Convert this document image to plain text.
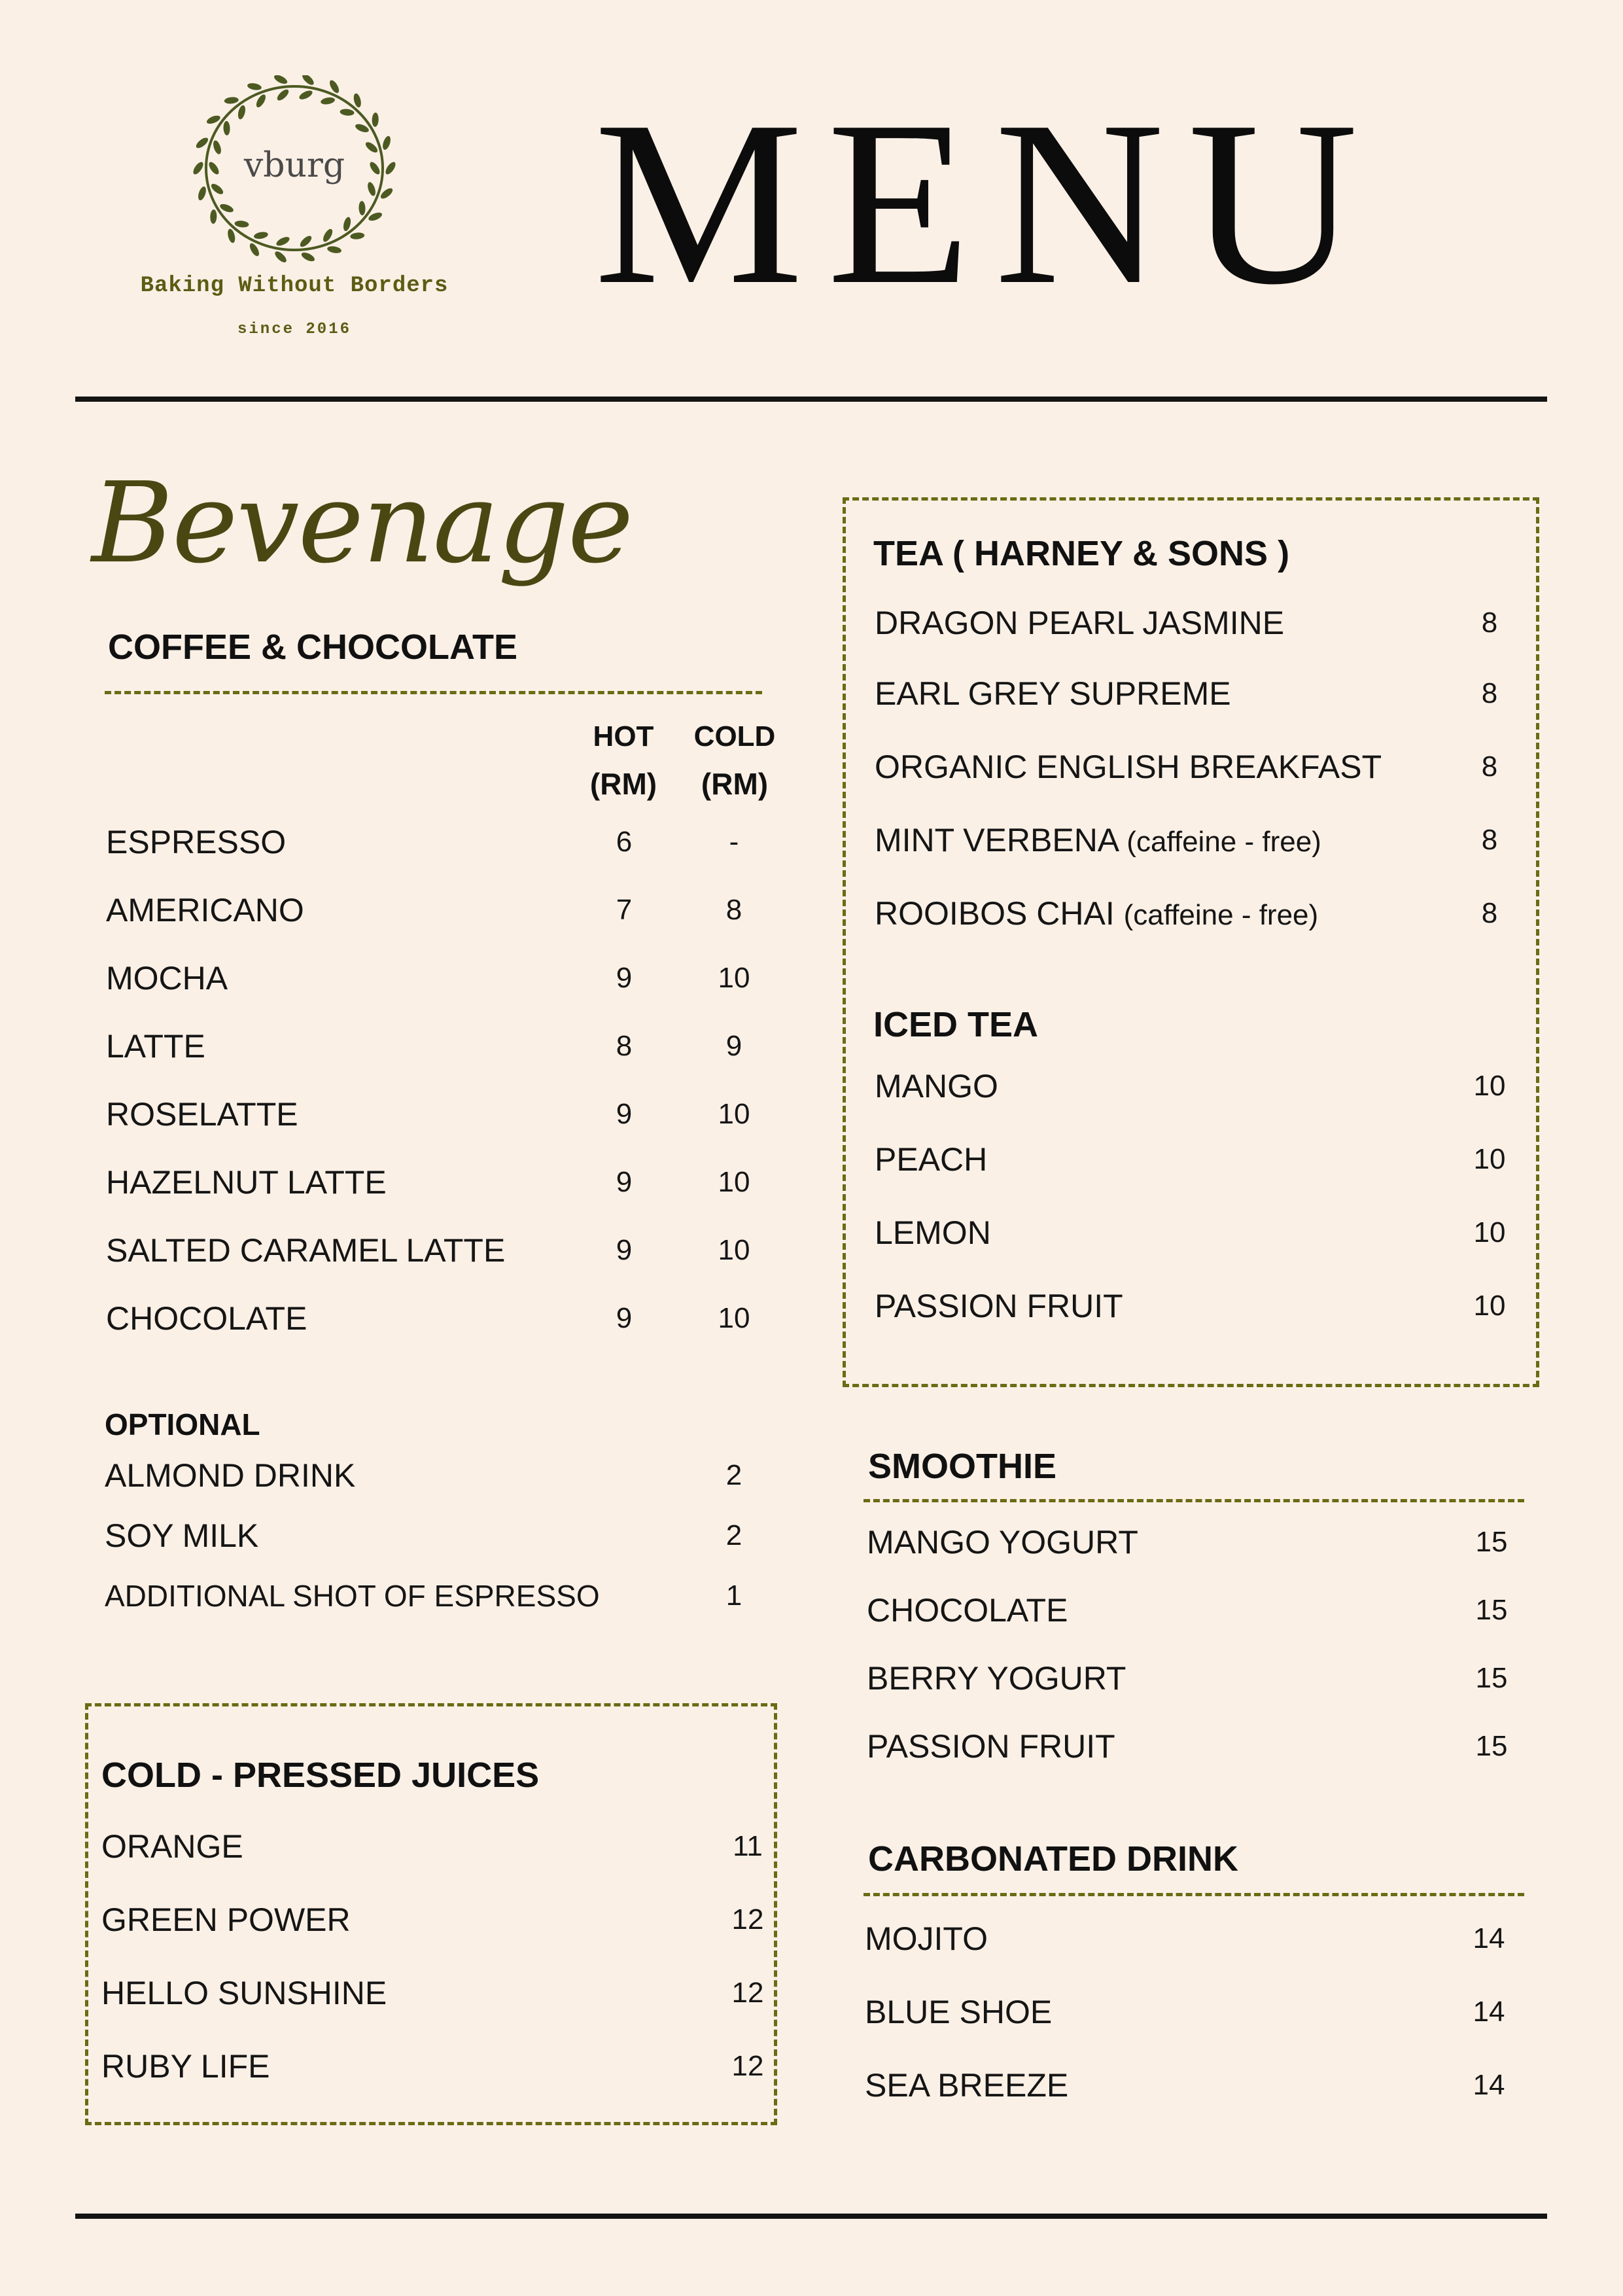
vburg
Baking Without Borders
since 2016 MENU
Bevenage
COFFEE & CHOCOLATE
HOT
(RM)
COLD
(RM)
ESPRESSO	6	-
AMERICANO	7	8
MOCHA	9	10
LATTE	8	9
ROSELATTE	9	10
HAZELNUT LATTE	9	10
SALTED CARAMEL LATTE	9	10
CHOCOLATE	9	10
OPTIONAL
ALMOND DRINK	2
SOY MILK	2
ADDITIONAL SHOT OF ESPRESSO	1
COLD - PRESSED JUICES
ORANGE	11
GREEN POWER	12
HELLO SUNSHINE	12
RUBY LIFE	12
TEA ( HARNEY & SONS )
DRAGON PEARL JASMINE	8
EARL GREY SUPREME	8
ORGANIC ENGLISH BREAKFAST	8
MINT VERBENA (caffeine - free)	8
ROOIBOS CHAI (caffeine - free)	8
ICED TEA
MANGO	10
PEACH	10
LEMON	10
PASSION FRUIT	10
SMOOTHIE
MANGO YOGURT	15
CHOCOLATE	15
BERRY YOGURT	15
PASSION FRUIT	15
CARBONATED DRINK
MOJITO	14
BLUE SHOE	14
SEA BREEZE	14
